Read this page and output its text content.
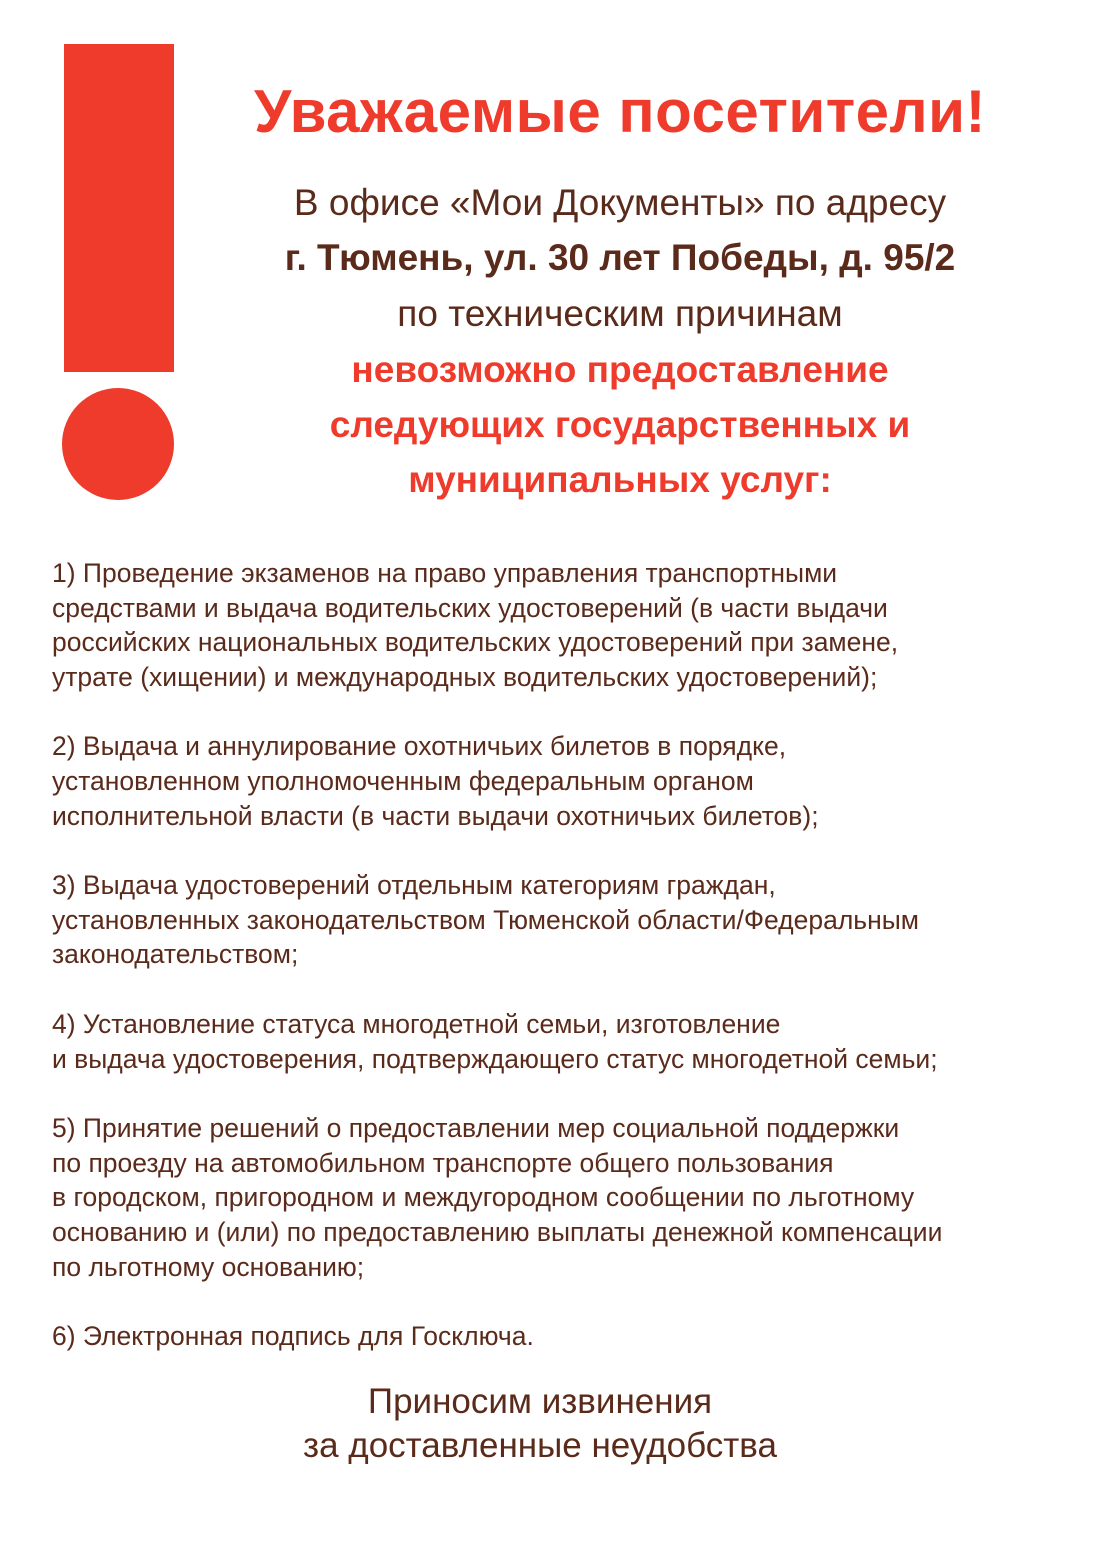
Уважаемые посетители!

В офисе «Мои Документы» по адресу

г. Тюмень, ул. 30 лет Победы, д. 95/2

по техническим причинам

невозможно предоставление

следующих государственных и

муниципальных услуг:

1) Проведение экзаменов на право управления транспортными
средствами и выдача водительских удостоверений (в части выдачи
российских национальных водительских удостоверений при замене,
утрате (хищении) и международных водительских удостоверений);
2) Выдача и аннулирование охотничьих билетов в порядке,
установленном уполномоченным федеральным органом
исполнительной власти (в части выдачи охотничьих билетов);
3) Выдача удостоверений отдельным категориям граждан,
установленных законодательством Тюменской области/Федеральным
законодательством;
4) Установление статуса многодетной семьи, изготовление
и выдача удостоверения, подтверждающего статус многодетной семьи;
5) Принятие решений о предоставлении мер социальной поддержки
по проезду на автомобильном транспорте общего пользования
в городском, пригородном и междугородном сообщении по льготному
основанию и (или) по предоставлению выплаты денежной компенсации
по льготному основанию;
6) Электронная подпись для Госключа.

Приносим извинения

за доставленные неудобства
